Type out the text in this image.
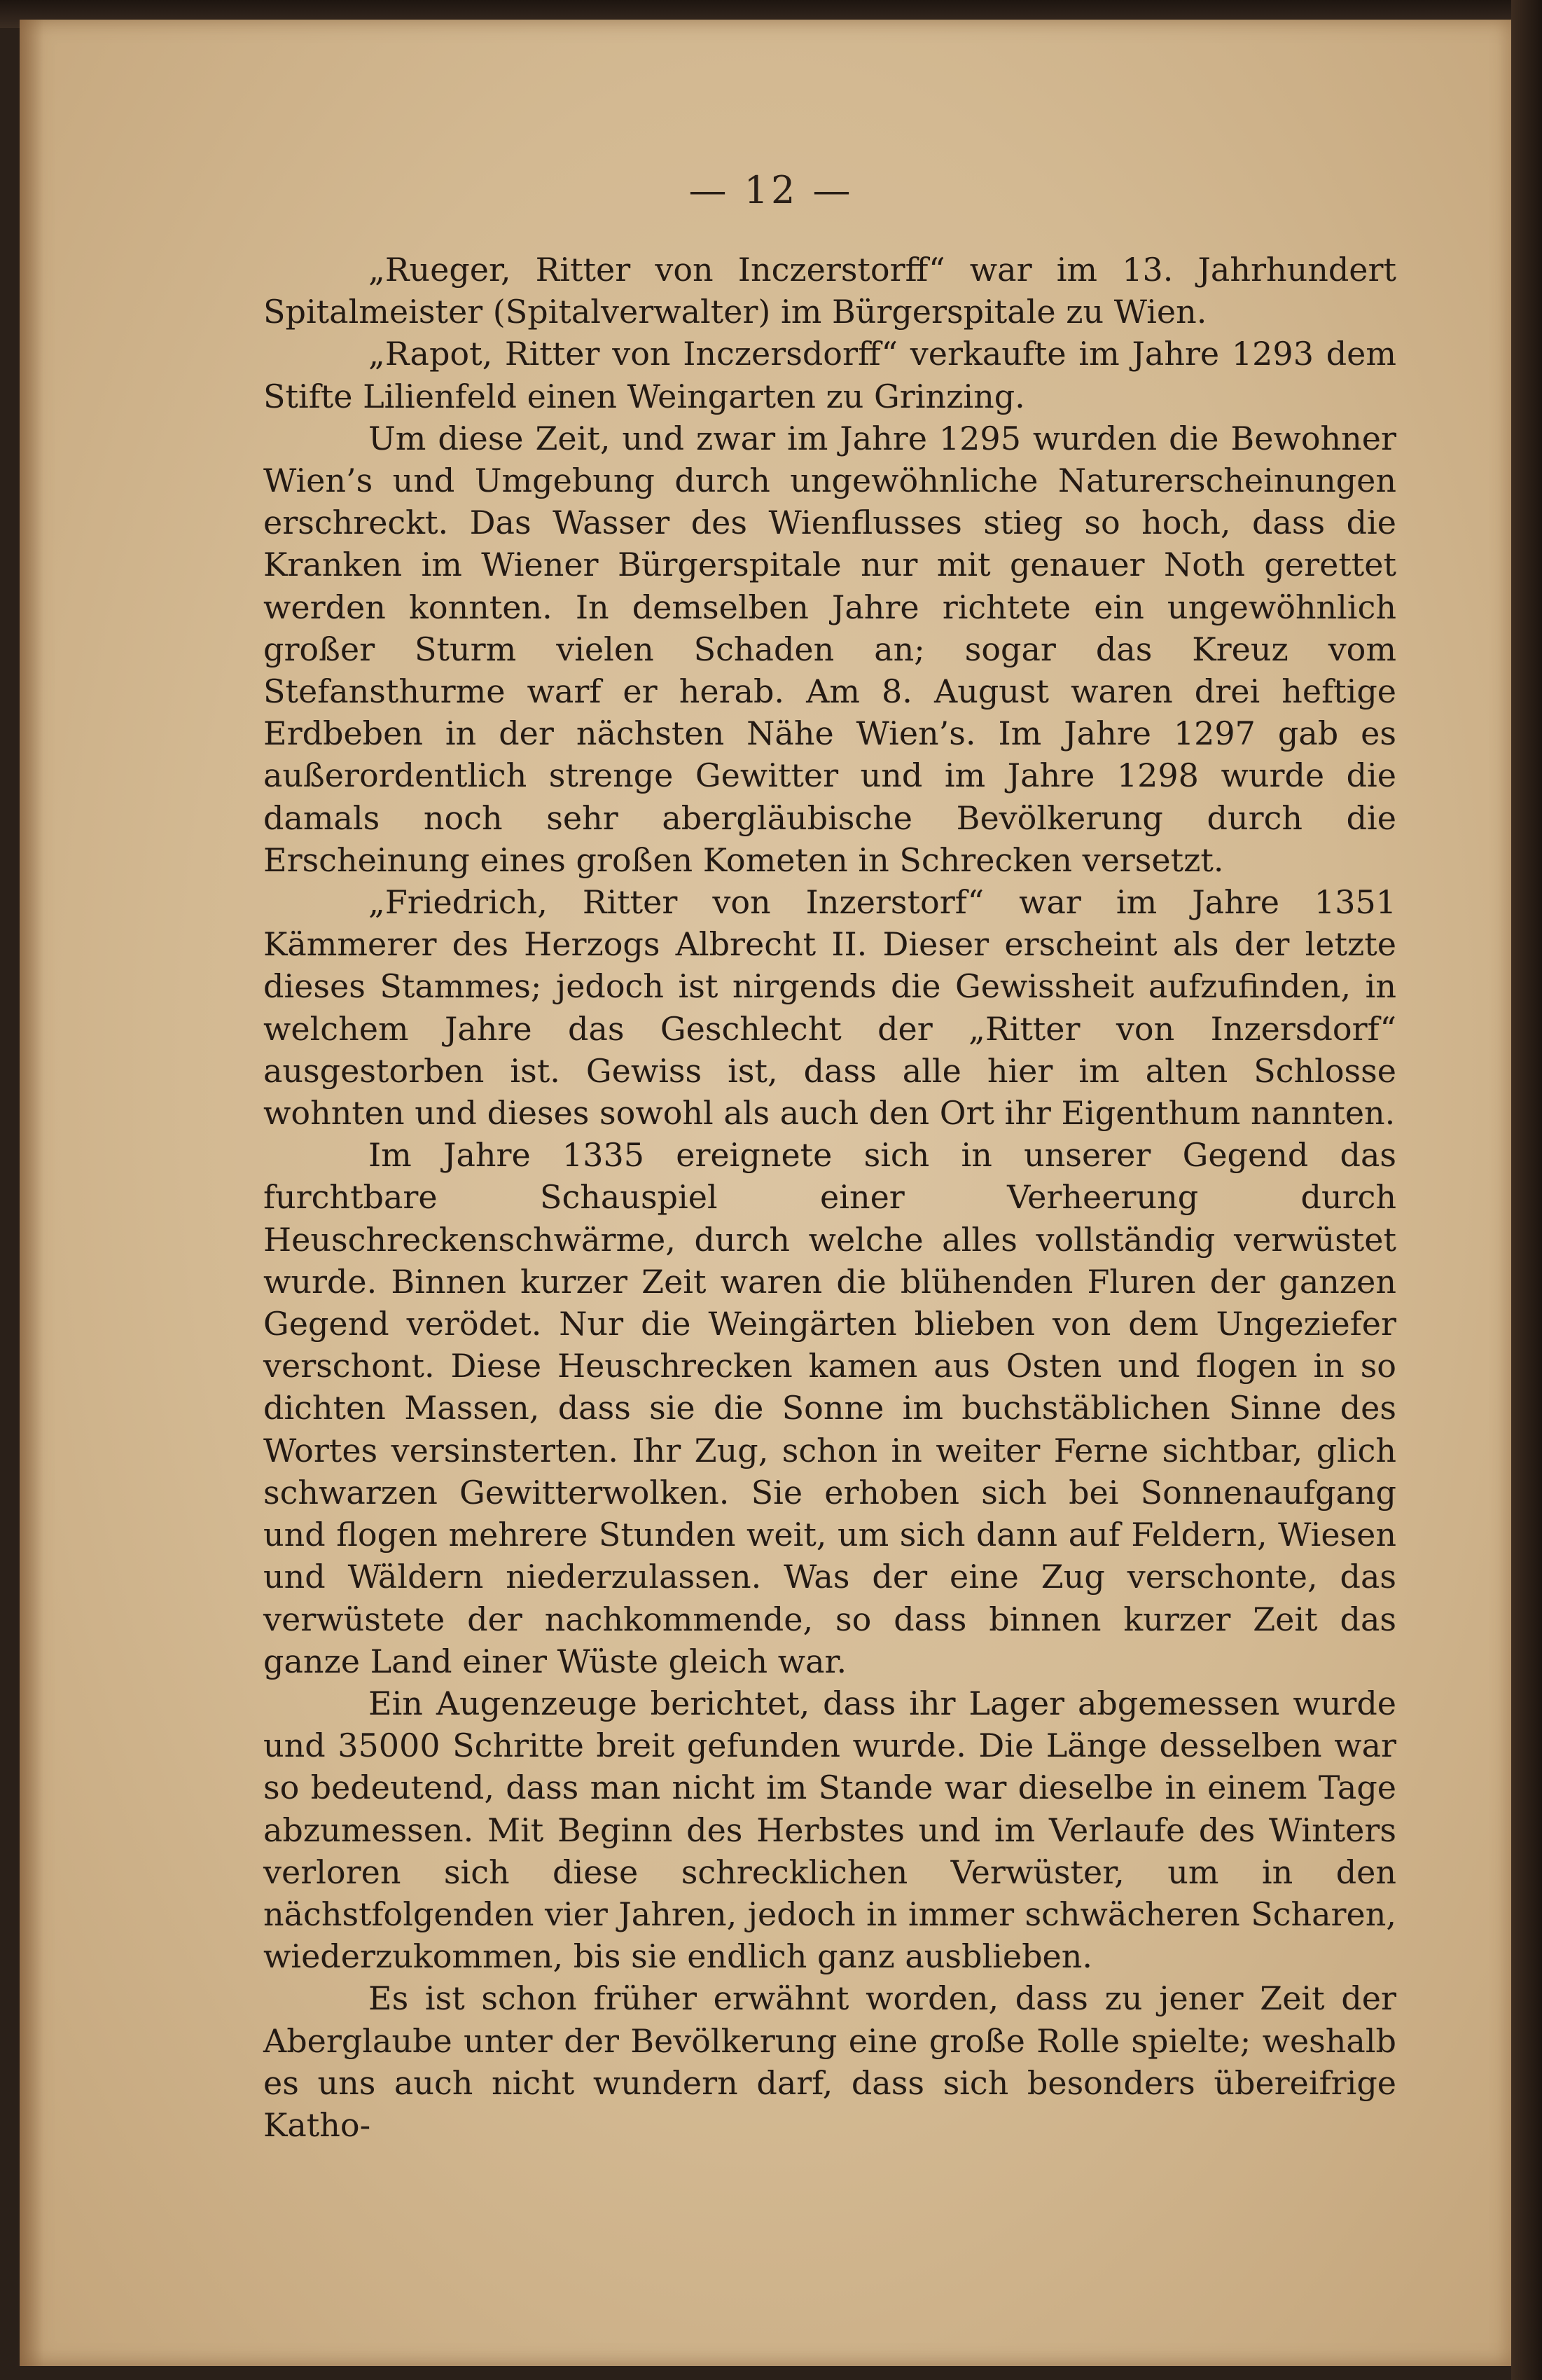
— 12 —

„Rueger, Ritter von Inczerstorff“ war im 13. Jahrhundert Spitalmeister (Spitalverwalter) im Bürgerspitale zu Wien.

„Rapot, Ritter von Inczersdorff“ verkaufte im Jahre 1293 dem Stifte Lilienfeld einen Weingarten zu Grinzing.

Um diese Zeit, und zwar im Jahre 1295 wurden die Bewohner Wien’s und Umgebung durch ungewöhnliche Naturerscheinungen erschreckt. Das Wasser des Wienflusses stieg so hoch, dass die Kranken im Wiener Bürgerspitale nur mit genauer Noth gerettet werden konnten. In demselben Jahre richtete ein ungewöhnlich großer Sturm vielen Schaden an; sogar das Kreuz vom Stefansthurme warf er herab. Am 8. August waren drei heftige Erdbeben in der nächsten Nähe Wien’s. Im Jahre 1297 gab es außerordentlich strenge Gewitter und im Jahre 1298 wurde die damals noch sehr abergläubische Bevölkerung durch die Erscheinung eines großen Kometen in Schrecken versetzt.

„Friedrich, Ritter von Inzerstorf“ war im Jahre 1351 Kämmerer des Herzogs Albrecht II. Dieser erscheint als der letzte dieses Stammes; jedoch ist nirgends die Gewissheit aufzufinden, in welchem Jahre das Geschlecht der „Ritter von Inzersdorf“ ausgestorben ist. Gewiss ist, dass alle hier im alten Schlosse wohnten und dieses sowohl als auch den Ort ihr Eigenthum nannten.

Im Jahre 1335 ereignete sich in unserer Gegend das furchtbare Schauspiel einer Verheerung durch Heuschreckenschwärme, durch welche alles vollständig verwüstet wurde. Binnen kurzer Zeit waren die blühenden Fluren der ganzen Gegend verödet. Nur die Weingärten blieben von dem Ungeziefer verschont. Diese Heuschrecken kamen aus Osten und flogen in so dichten Massen, dass sie die Sonne im buchstäblichen Sinne des Wortes versinsterten. Ihr Zug, schon in weiter Ferne sichtbar, glich schwarzen Gewitterwolken. Sie erhoben sich bei Sonnenaufgang und flogen mehrere Stunden weit, um sich dann auf Feldern, Wiesen und Wäldern niederzulassen. Was der eine Zug verschonte, das verwüstete der nachkommende, so dass binnen kurzer Zeit das ganze Land einer Wüste gleich war.

Ein Augenzeuge berichtet, dass ihr Lager abgemessen wurde und 35000 Schritte breit gefunden wurde. Die Länge desselben war so bedeutend, dass man nicht im Stande war dieselbe in einem Tage abzumessen. Mit Beginn des Herbstes und im Verlaufe des Winters verloren sich diese schrecklichen Verwüster, um in den nächstfolgenden vier Jahren, jedoch in immer schwächeren Scharen, wiederzukommen, bis sie endlich ganz ausblieben.

Es ist schon früher erwähnt worden, dass zu jener Zeit der Aberglaube unter der Bevölkerung eine große Rolle spielte; weshalb es uns auch nicht wundern darf, dass sich besonders übereifrige Katho-
